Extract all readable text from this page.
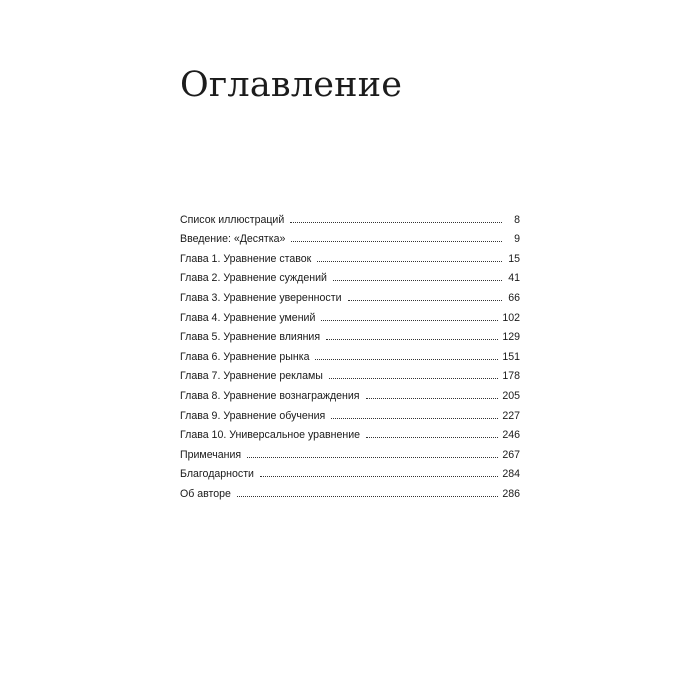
Оглавление
Список иллюстраций	8
Введение: «Десятка»	9
Глава 1. Уравнение ставок	15
Глава 2. Уравнение суждений	41
Глава 3. Уравнение уверенности	66
Глава 4. Уравнение умений	102
Глава 5. Уравнение влияния	129
Глава 6. Уравнение рынка	151
Глава 7. Уравнение рекламы	178
Глава 8. Уравнение вознаграждения	205
Глава 9. Уравнение обучения	227
Глава 10. Универсальное уравнение	246
Примечания	267
Благодарности	284
Об авторе	286
